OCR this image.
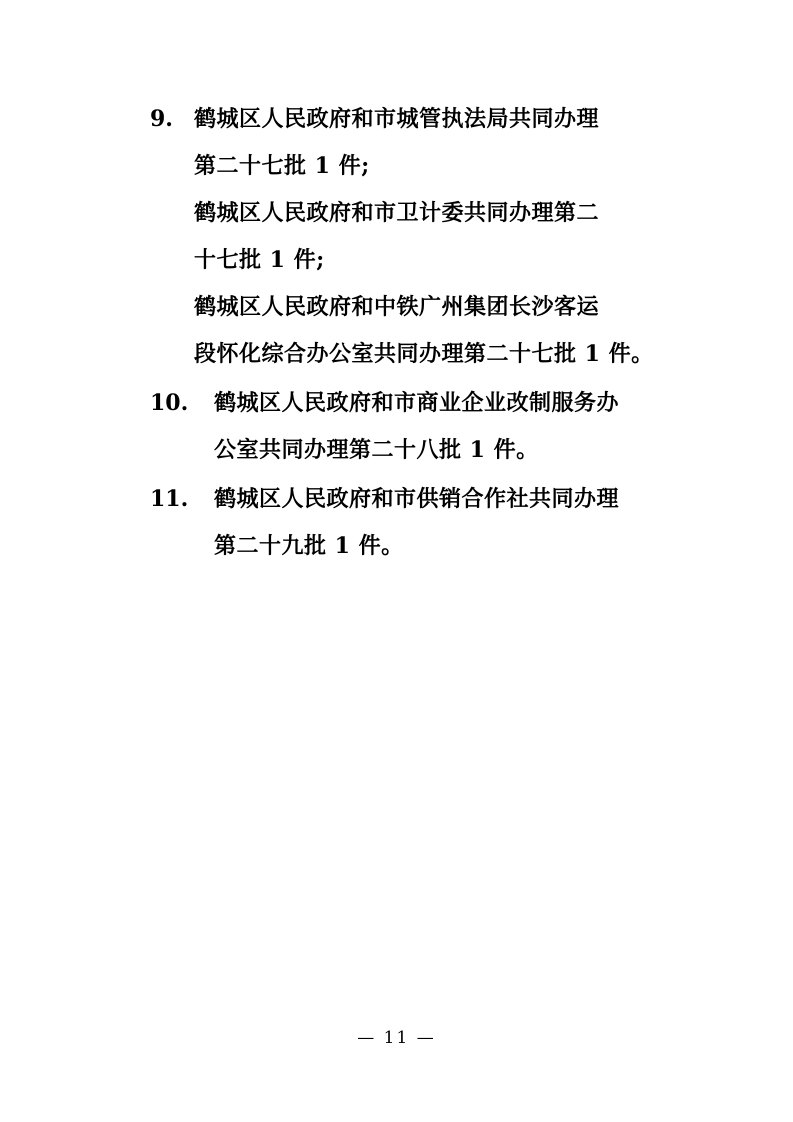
9. 鹤城区人民政府和市城管执法局共同办理
第二十七批 1 件;
鹤城区人民政府和市卫计委共同办理第二
十七批 1 件;
鹤城区人民政府和中铁广州集团长沙客运
段怀化综合办公室共同办理第二十七批 1 件。
10.	鹤城区人民政府和市商业企业改制服务办
公室共同办理第二十八批 1 件。
11.	鹤城区人民政府和市供销合作社共同办理
第二十九批 1 件。
— 11 —
